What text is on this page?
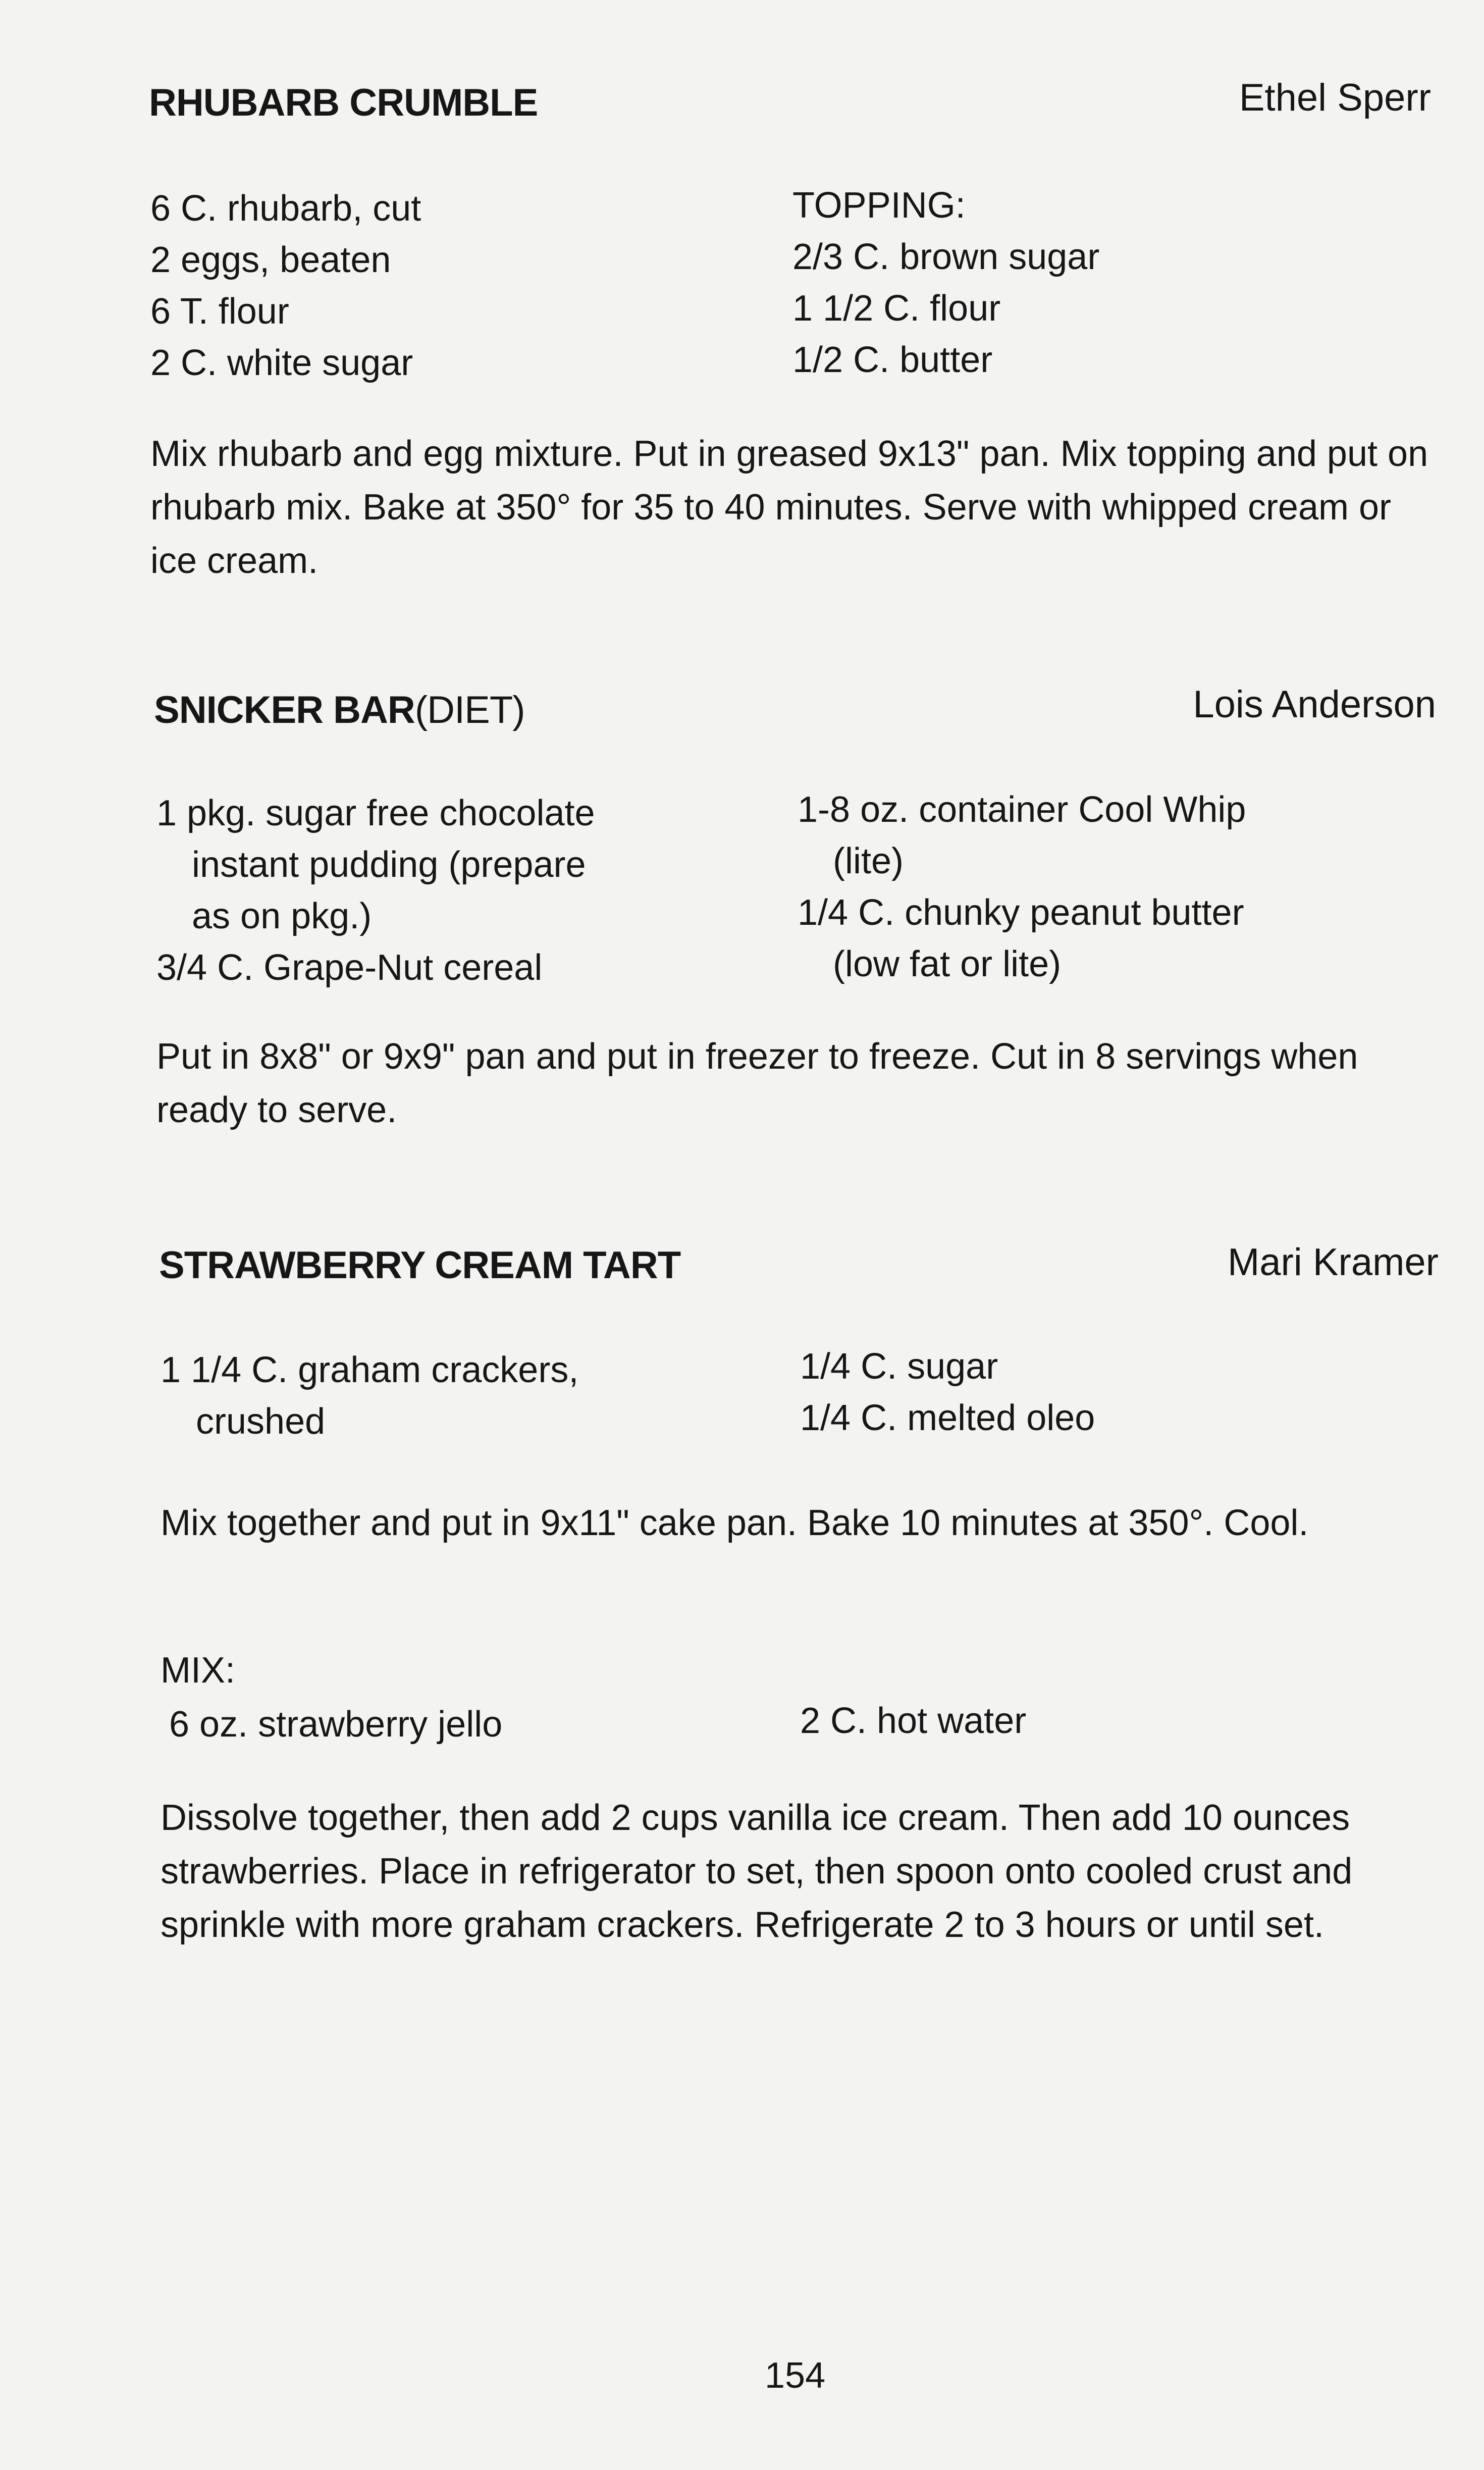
RHUBARB CRUMBLE	Ethel Sperr
6 C. rhubarb, cut
2 eggs, beaten
6 T. flour
2 C. white sugar
TOPPING:
2/3 C. brown sugar
1 1/2 C. flour
1/2 C. butter
Mix rhubarb and egg mixture. Put in greased 9x13" pan. Mix topping and put on rhubarb mix. Bake at 350° for 35 to 40 minutes. Serve with whipped cream or ice cream.
SNICKER BAR(DIET)	Lois Anderson
1 pkg. sugar free chocolate
instant pudding (prepare
as on pkg.)
3/4 C. Grape-Nut cereal
1-8 oz. container Cool Whip
(lite)
1/4 C. chunky peanut butter
(low fat or lite)
Put in 8x8" or 9x9" pan and put in freezer to freeze. Cut in 8 servings when ready to serve.
STRAWBERRY CREAM TART	Mari Kramer
1 1/4 C. graham crackers,
crushed
1/4 C. sugar
1/4 C. melted oleo
Mix together and put in 9x11" cake pan. Bake 10 minutes at 350°. Cool.
MIX:
6 oz. strawberry jello	2 C. hot water
Dissolve together, then add 2 cups vanilla ice cream. Then add 10 ounces strawberries. Place in refrigerator to set, then spoon onto cooled crust and sprinkle with more graham crackers. Refrigerate 2 to 3 hours or until set.
154
